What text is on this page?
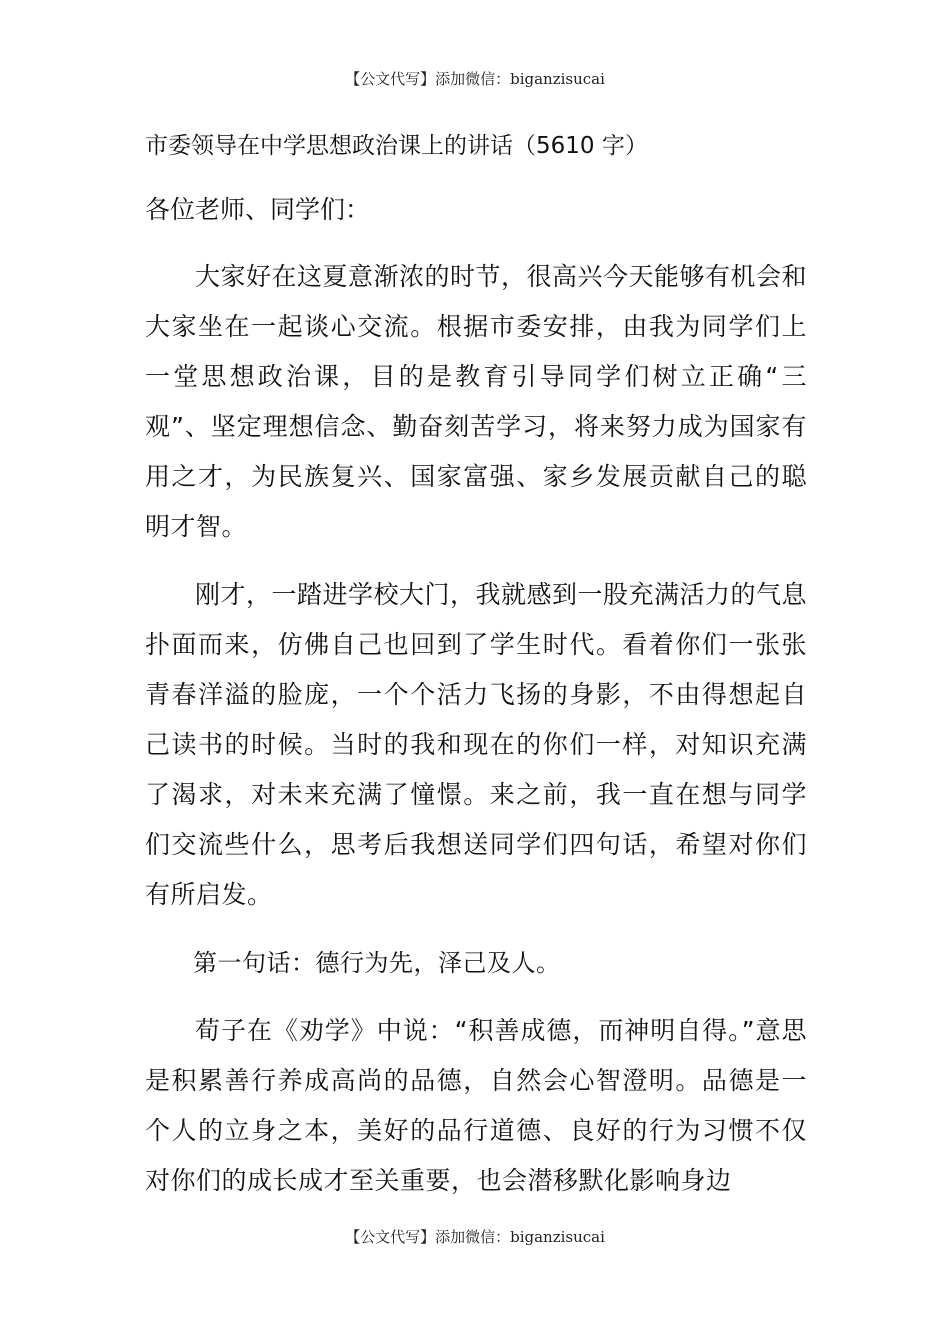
【公文代写】添加微信：biganzisucai
市委领导在中学思想政治课上的讲话（5610 字）
各位老师、同学们：

大家好在这夏意渐浓的时节，很高兴今天能够有机会和大家坐在一起谈心交流。根据市委安排，由我为同学们上一堂思想政治课，目的是教育引导同学们树立正确“三观”、坚定理想信念、勤奋刻苦学习，将来努力成为国家有用之才，为民族复兴、国家富强、家乡发展贡献自己的聪明才智。

刚才，一踏进学校大门，我就感到一股充满活力的气息扑面而来，仿佛自己也回到了学生时代。看着你们一张张青春洋溢的脸庞，一个个活力飞扬的身影，不由得想起自己读书的时候。当时的我和现在的你们一样，对知识充满了渴求，对未来充满了憧憬。来之前，我一直在想与同学们交流些什么，思考后我想送同学们四句话，希望对你们有所启发。

第一句话：德行为先，泽己及人。

荀子在《劝学》中说：“积善成德，而神明自得。”意思是积累善行养成高尚的品德，自然会心智澄明。品德是一个人的立身之本，美好的品行道德、良好的行为习惯不仅对你们的成长成才至关重要，也会潜移默化影响身边

【公文代写】添加微信：biganzisucai
